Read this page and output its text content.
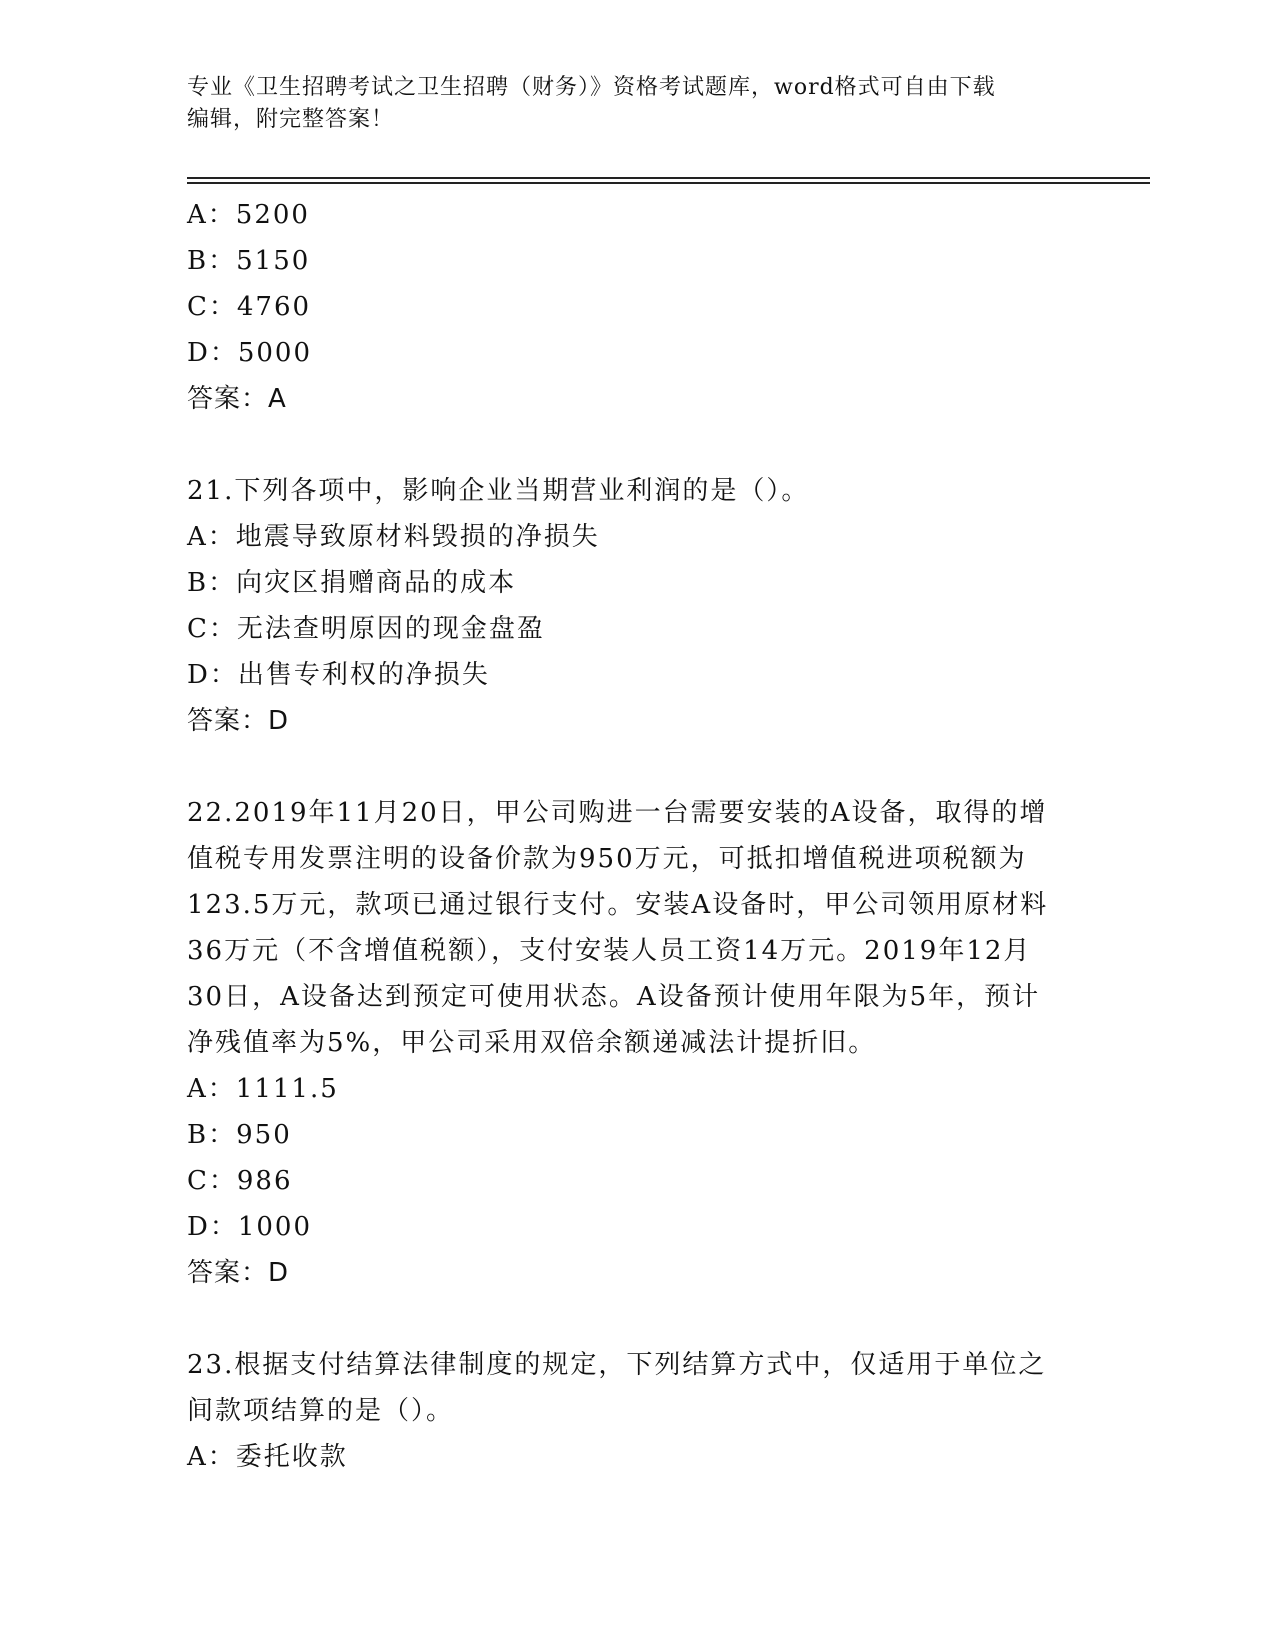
专业《卫生招聘考试之卫生招聘（财务）》资格考试题库，word格式可自由下载
编辑，附完整答案！
A：5200
B：5150
C：4760
D：5000
答案：A
21.下列各项中，影响企业当期营业利润的是（）。
A：地震导致原材料毁损的净损失
B：向灾区捐赠商品的成本
C：无法查明原因的现金盘盈
D：出售专利权的净损失
答案：D
22.2019年11月20日，甲公司购进一台需要安装的A设备，取得的增
值税专用发票注明的设备价款为950万元，可抵扣增值税进项税额为
123.5万元，款项已通过银行支付。安装A设备时，甲公司领用原材料
36万元（不含增值税额），支付安装人员工资14万元。2019年12月
30日，A设备达到预定可使用状态。A设备预计使用年限为5年，预计
净残值率为5%，甲公司采用双倍余额递减法计提折旧。
A：1111.5
B：950
C：986
D：1000
答案：D
23.根据支付结算法律制度的规定，下列结算方式中，仅适用于单位之
间款项结算的是（）。
A：委托收款
